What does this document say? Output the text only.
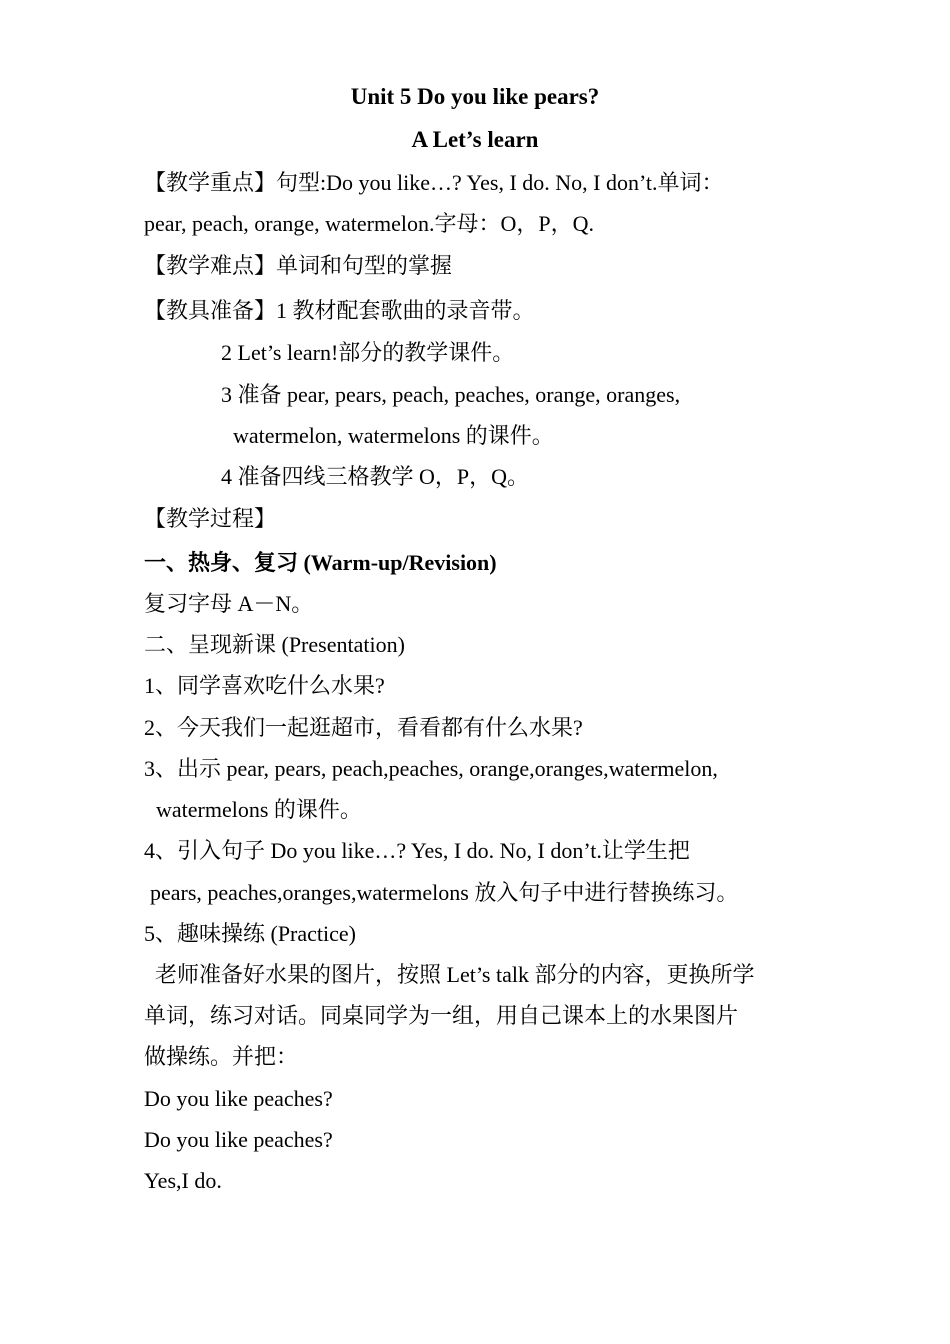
Unit 5 Do you like pears?
A Let’s learn
【教学重点】句型:Do you like…? Yes, I do. No, I don’t.单词：
pear, peach, orange, watermelon.字母：O，P，Q.
【教学难点】单词和句型的掌握
【教具准备】1 教材配套歌曲的录音带。
2 Let’s learn!部分的教学课件。
3 准备 pear, pears, peach, peaches, orange, oranges,
watermelon, watermelons 的课件。
4 准备四线三格教学 O，P，Q。
【教学过程】
一、热身、复习 (Warm-up/Revision)
复习字母 A－N。
二、呈现新课 (Presentation)
1、同学喜欢吃什么水果?
2、今天我们一起逛超市，看看都有什么水果?
3、出示 pear, pears, peach,peaches, orange,oranges,watermelon,
watermelons 的课件。
4、引入句子 Do you like…? Yes, I do. No, I don’t.让学生把
pears, peaches,oranges,watermelons 放入句子中进行替换练习。
5、趣味操练 (Practice)
老师准备好水果的图片，按照 Let’s talk 部分的内容，更换所学
单词，练习对话。同桌同学为一组，用自己课本上的水果图片
做操练。并把：
Do you like peaches?
Do you like peaches?
Yes,I do.
